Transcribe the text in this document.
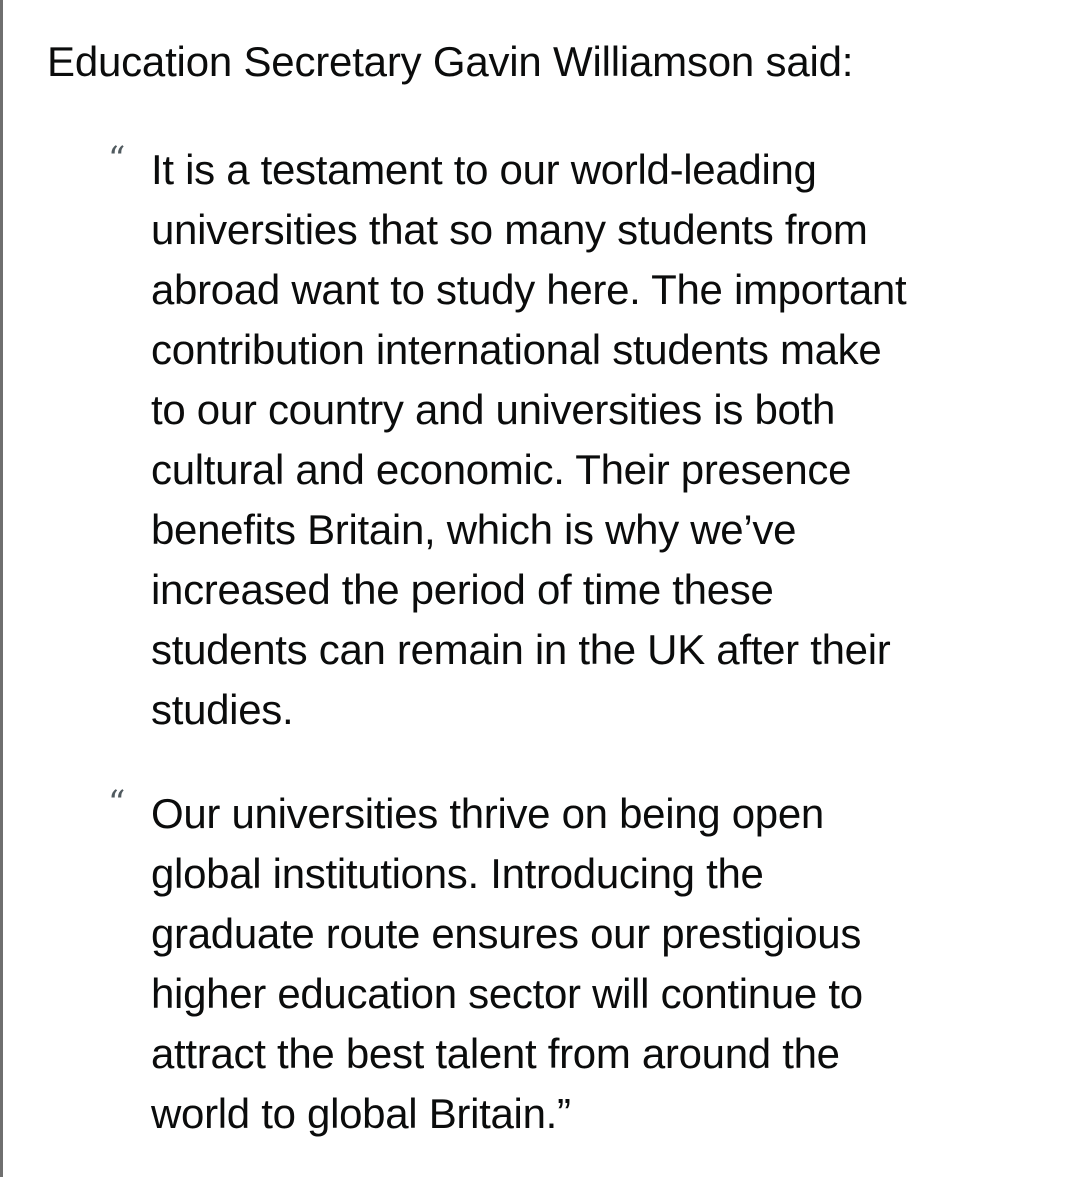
Education Secretary Gavin Williamson said:

“ It is a testament to our world-leading
universities that so many students from
abroad want to study here. The important
contribution international students make
to our country and universities is both
cultural and economic. Their presence
benefits Britain, which is why we’ve
increased the period of time these
students can remain in the UK after their
studies.

“ Our universities thrive on being open
global institutions. Introducing the
graduate route ensures our prestigious
higher education sector will continue to
attract the best talent from around the
world to global Britain.”
